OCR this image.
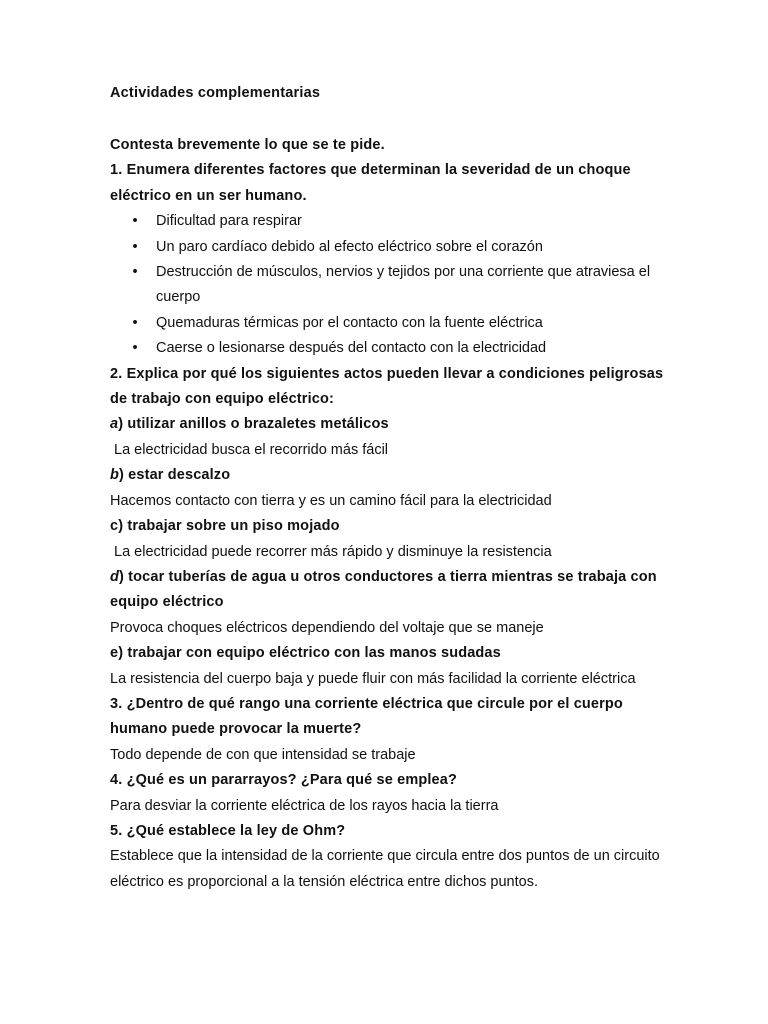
Actividades complementarias

Contesta brevemente lo que se te pide.

1. Enumera diferentes factores que determinan la severidad de un choque eléctrico en un ser humano.

• Dificultad para respirar
• Un paro cardíaco debido al efecto eléctrico sobre el corazón
• Destrucción de músculos, nervios y tejidos por una corriente que atraviesa el cuerpo
• Quemaduras térmicas por el contacto con la fuente eléctrica
• Caerse o lesionarse después del contacto con la electricidad

2. Explica por qué los siguientes actos pueden llevar a condiciones peligrosas de trabajo con equipo eléctrico:

a) utilizar anillos o brazaletes metálicos

La electricidad busca el recorrido más fácil

b) estar descalzo

Hacemos contacto con tierra y es un camino fácil para la electricidad

c) trabajar sobre un piso mojado

La electricidad puede recorrer más rápido y disminuye la resistencia

d) tocar tuberías de agua u otros conductores a tierra mientras se trabaja con equipo eléctrico

Provoca choques eléctricos dependiendo del voltaje que se maneje

e) trabajar con equipo eléctrico con las manos sudadas

La resistencia del cuerpo baja y puede fluir con más facilidad la corriente eléctrica

3. ¿Dentro de qué rango una corriente eléctrica que circule por el cuerpo humano puede provocar la muerte?

Todo depende de con que intensidad se trabaje

4. ¿Qué es un pararrayos? ¿Para qué se emplea?

Para desviar la corriente eléctrica de los rayos hacia la tierra

5. ¿Qué establece la ley de Ohm?

Establece que la intensidad de la corriente que circula entre dos puntos de un circuito eléctrico es proporcional a la tensión eléctrica entre dichos puntos.
